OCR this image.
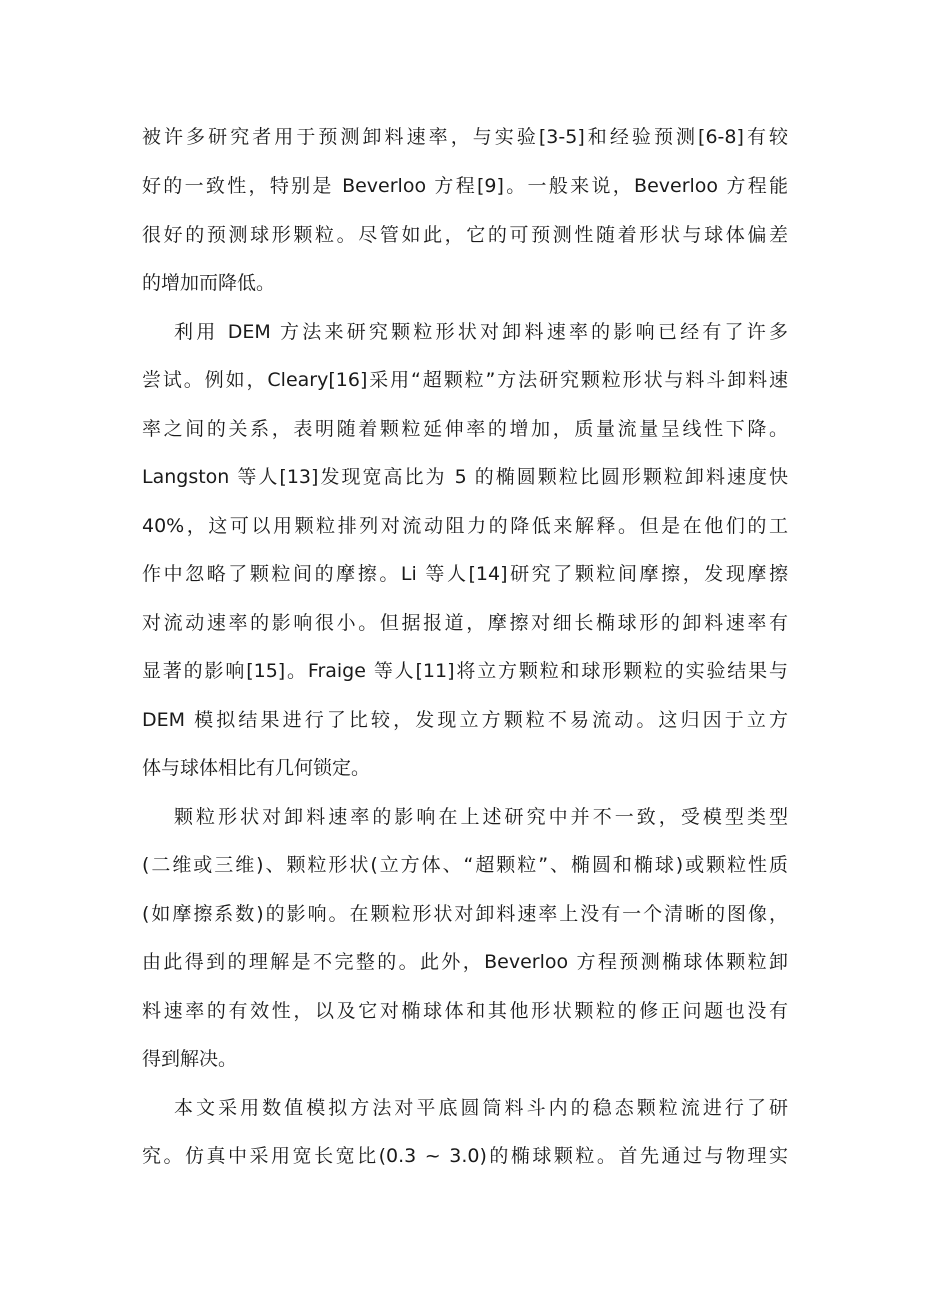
被许多研究者用于预测卸料速率，与实验[3-5]和经验预测[6-8]有较
好的一致性，特别是 Beverloo 方程[9]。一般来说，Beverloo 方程能
很好的预测球形颗粒。尽管如此，它的可预测性随着形状与球体偏差
的增加而降低。
利用 DEM 方法来研究颗粒形状对卸料速率的影响已经有了许多
尝试。例如，Cleary[16]采用“超颗粒”方法研究颗粒形状与料斗卸料速
率之间的关系，表明随着颗粒延伸率的增加，质量流量呈线性下降。
Langston 等人[13]发现宽高比为 5 的椭圆颗粒比圆形颗粒卸料速度快
40%，这可以用颗粒排列对流动阻力的降低来解释。但是在他们的工
作中忽略了颗粒间的摩擦。Li 等人[14]研究了颗粒间摩擦，发现摩擦
对流动速率的影响很小。但据报道，摩擦对细长椭球形的卸料速率有
显著的影响[15]。Fraige 等人[11]将立方颗粒和球形颗粒的实验结果与
DEM 模拟结果进行了比较，发现立方颗粒不易流动。这归因于立方
体与球体相比有几何锁定。
颗粒形状对卸料速率的影响在上述研究中并不一致，受模型类型
(二维或三维)、颗粒形状(立方体、“超颗粒”、椭圆和椭球)或颗粒性质
(如摩擦系数)的影响。在颗粒形状对卸料速率上没有一个清晰的图像，
由此得到的理解是不完整的。此外，Beverloo 方程预测椭球体颗粒卸
料速率的有效性，以及它对椭球体和其他形状颗粒的修正问题也没有
得到解决。
本文采用数值模拟方法对平底圆筒料斗内的稳态颗粒流进行了研
究。仿真中采用宽长宽比(0.3 ~ 3.0)的椭球颗粒。首先通过与物理实
